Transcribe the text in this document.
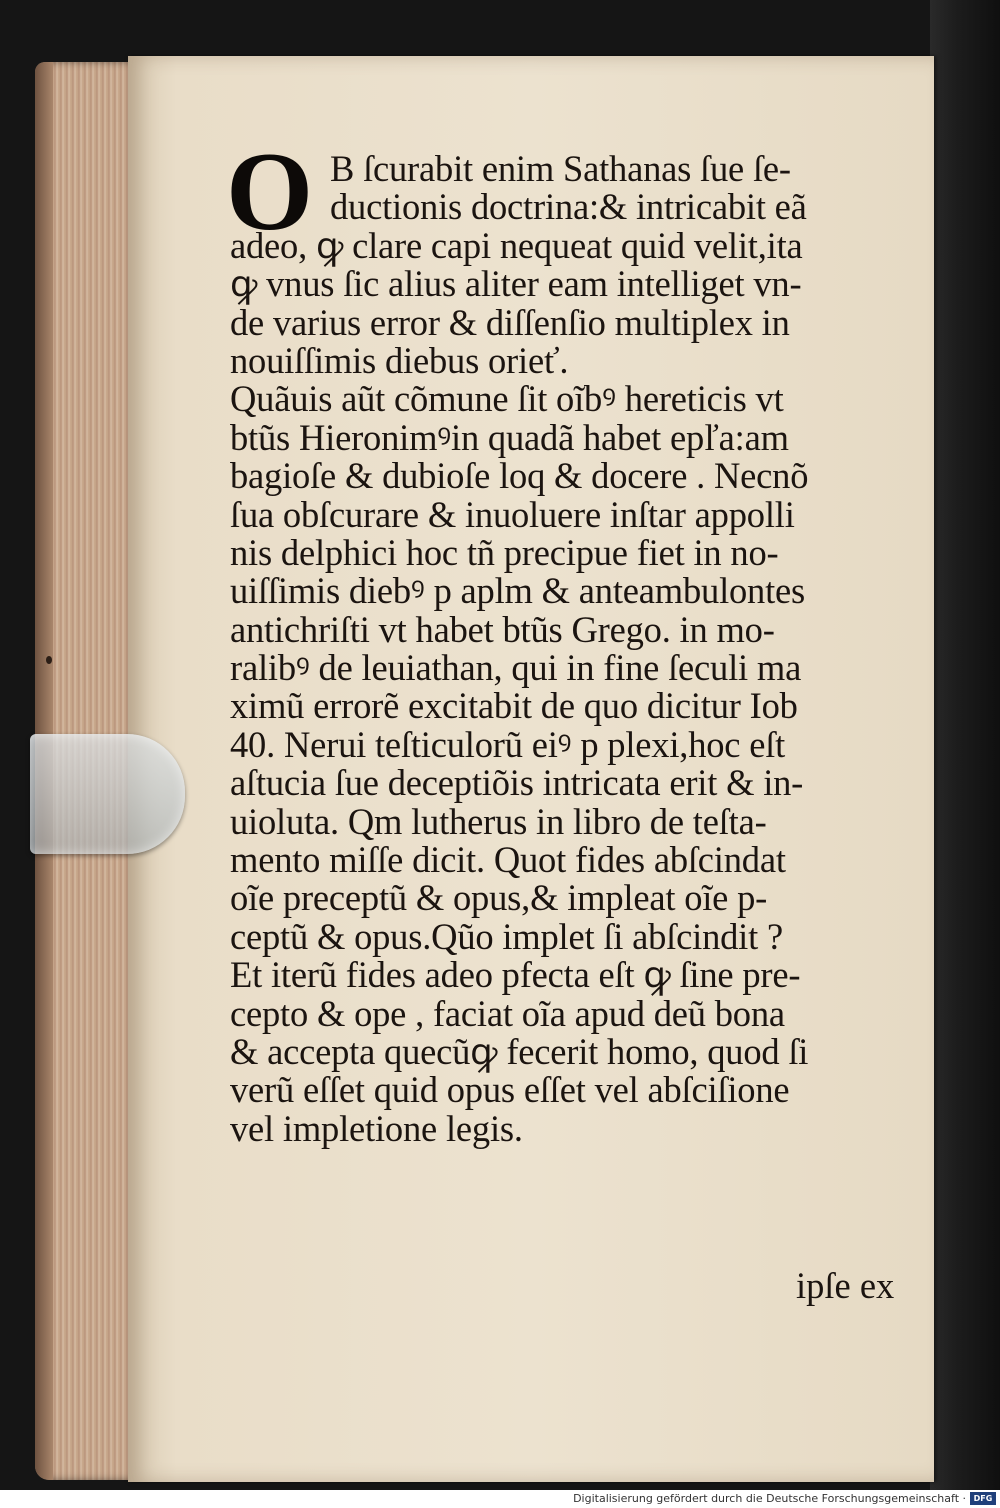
O B ſcurabit enim Sathanas ſue ſe-
ductionis doctrina:& intricabit eã
adeo, ꝙ clare capi nequeat quid velit,ita
ꝙ vnus ſic alius aliter eam intelliget vn-
de varius error & diſſenſio multiplex in
nouiſſimis diebus orieť.
Quãuis aũt cõmune ſit oĩbꝰ hereticis vt
btũs Hieronimꝰin quadã habet epľa:am
bagioſe & dubioſe loq & docere . Necnõ
ſua obſcurare & inuoluere inſtar appolli
nis delphici hoc tñ precipue fiet in no-
uiſſimis diebꝰ p aplm & anteambulontes
antichriſti vt habet btũs Grego. in mo-
ralibꝰ de leuiathan, qui in fine ſeculi ma
ximũ errorẽ excitabit de quo dicitur Iob
40. Nerui teſticulorũ eiꝰ p plexi,hoc eſt
aſtucia ſue deceptiõis intricata erit & in-
uioluta. Qm lutherus in libro de teſta-
mento miſſe dicit. Quot fides abſcindat
oĩe preceptũ & opus,& impleat oĩe p-
ceptũ & opus.Qũo implet ſi abſcindit ?
Et iterũ fides adeo pfecta eſt ꝙ ſine pre-
cepto & ope , faciat oĩa apud deũ bona
& accepta quecũꝙ fecerit homo, quod ſi
verũ eſſet quid opus eſſet vel abſciſione
vel impletione legis.
ipſe ex
Digitalisierung gefördert durch die Deutsche Forschungsgemeinschaft · DFG
